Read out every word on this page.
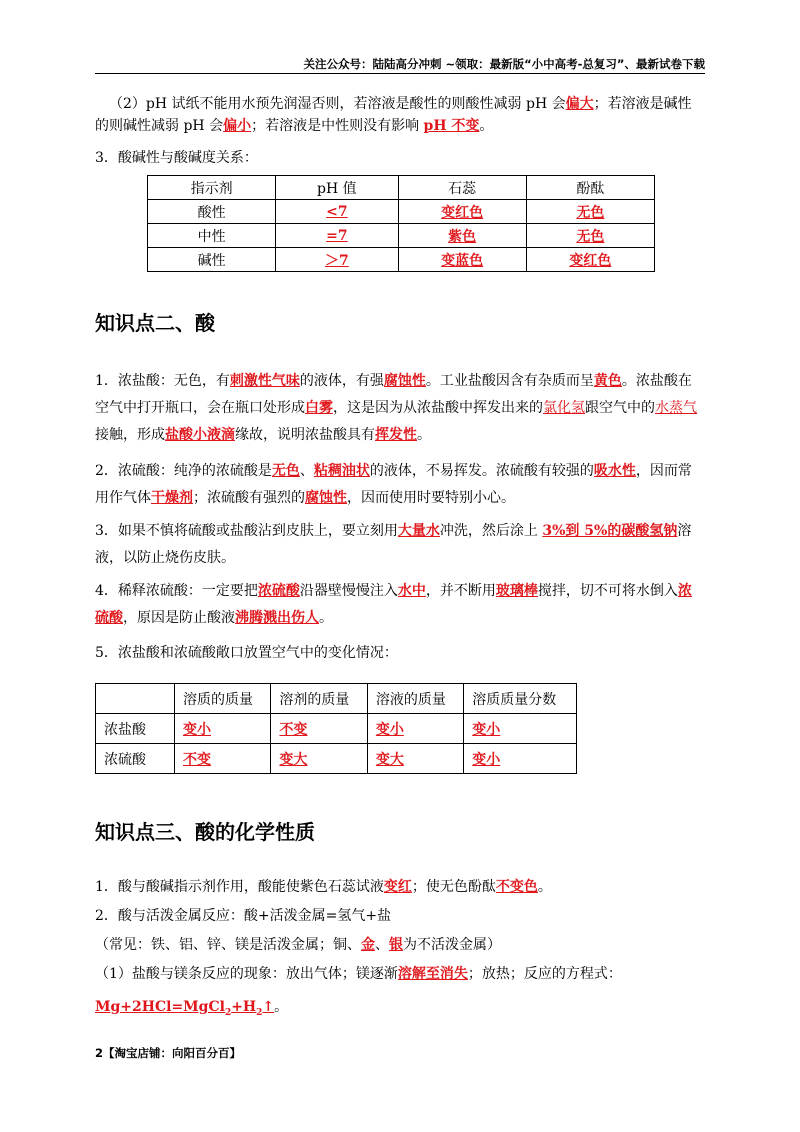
关注公众号：陆陆高分冲刺 ~领取：最新版“小中高考-总复习”、最新试卷下载

（2）pH 试纸不能用水预先润湿否则，若溶液是酸性的则酸性减弱 pH 会偏大；若溶液是碱性的则碱性减弱 pH 会偏小；若溶液是中性则没有影响 pH 不变。

3．酸碱性与酸碱度关系：

指示剂	pH 值	石蕊	酚酞
酸性	<7	变红色	无色
中性	=7	紫色	无色
碱性	＞7	变蓝色	变红色
知识点二、酸

1．浓盐酸：无色，有刺激性气味的液体，有强腐蚀性。工业盐酸因含有杂质而呈黄色。浓盐酸在空气中打开瓶口，会在瓶口处形成白雾，这是因为从浓盐酸中挥发出来的氯化氢跟空气中的水蒸气接触，形成盐酸小液滴缘故，说明浓盐酸具有挥发性。

2．浓硫酸：纯净的浓硫酸是无色、粘稠油状的液体，不易挥发。浓硫酸有较强的吸水性，因而常用作气体干燥剂；浓硫酸有强烈的腐蚀性，因而使用时要特别小心。

3．如果不慎将硫酸或盐酸沾到皮肤上，要立刻用大量水冲洗，然后涂上 3%到 5%的碳酸氢钠溶液，以防止烧伤皮肤。

4．稀释浓硫酸：一定要把浓硫酸沿器壁慢慢注入水中，并不断用玻璃棒搅拌，切不可将水倒入浓硫酸，原因是防止酸液沸腾溅出伤人。

5．浓盐酸和浓硫酸敞口放置空气中的变化情况：

	溶质的质量	溶剂的质量	溶液的质量	溶质质量分数
浓盐酸	变小	不变	变小	变小
浓硫酸	不变	变大	变大	变小
知识点三、酸的化学性质

1．酸与酸碱指示剂作用，酸能使紫色石蕊试液变红；使无色酚酞不变色。

2．酸与活泼金属反应：酸+活泼金属=氢气+盐

（常见：铁、铝、锌、镁是活泼金属；铜、金、银为不活泼金属）

（1）盐酸与镁条反应的现象：放出气体；镁逐渐溶解至消失；放热；反应的方程式：

$Mg+2HCl=MgCl_2+H_2↑$。

2【淘宝店铺：向阳百分百】
